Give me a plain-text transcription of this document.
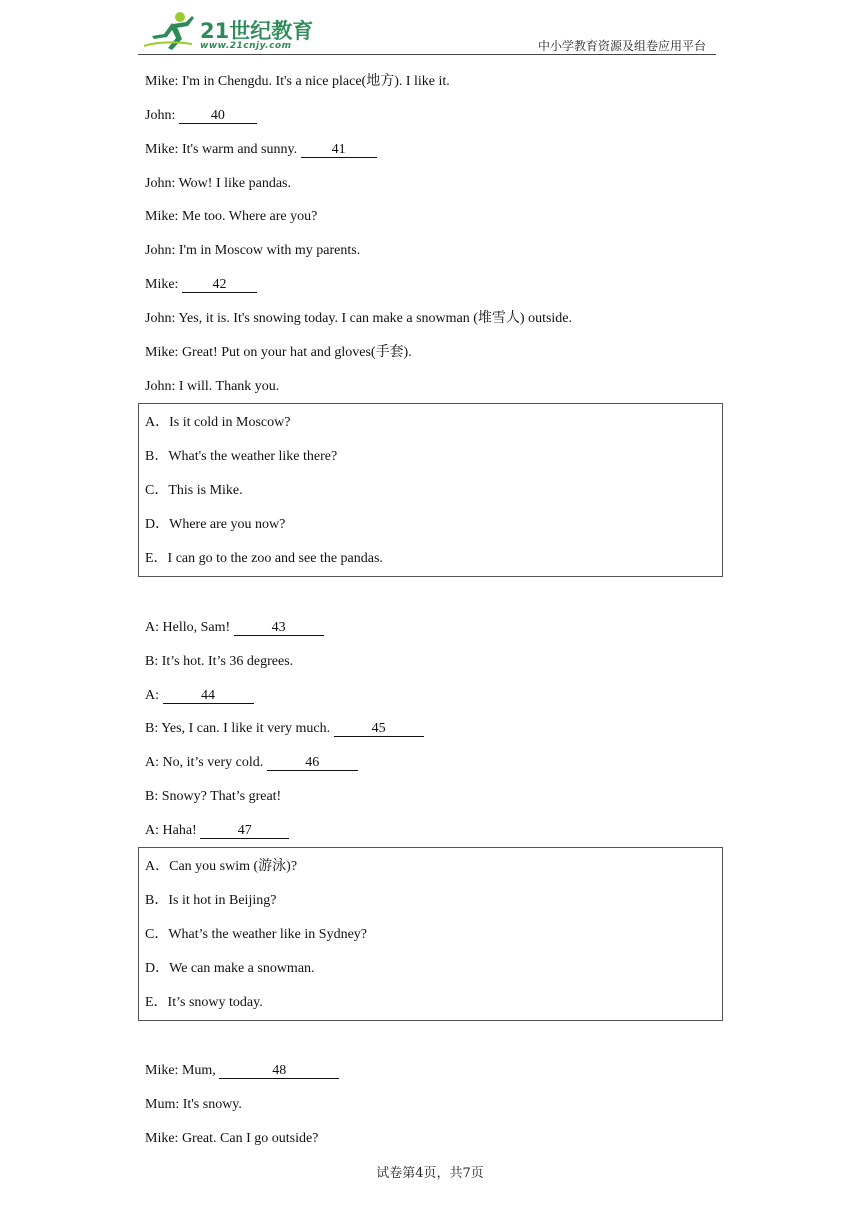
21世纪教育
www.21cnjy.com	中小学教育资源及组卷应用平台
Mike: I'm in Chengdu. It's a nice place(地方). I like it.
John: 40
Mike: It's warm and sunny. 41
John: Wow! I like pandas.
Mike: Me too. Where are you?
John: I'm in Moscow with my parents.
Mike: 42
John: Yes, it is. It's snowing today. I can make a snowman (堆雪人) outside.
Mike: Great! Put on your hat and gloves(手套).
John: I will. Thank you.
A．Is it cold in Moscow?
B．What's the weather like there?
C．This is Mike.
D．Where are you now?
E．I can go to the zoo and see the pandas.
A: Hello, Sam!	43
B: It’s hot. It’s 36 degrees.
A:	44
B: Yes, I can. I like it very much.	45
A: No, it’s very cold.	46
B: Snowy? That’s great!
A: Haha!	47
A．Can you swim (游泳)?
B．Is it hot in Beijing?
C．What’s the weather like in Sydney?
D．We can make a snowman.
E．It’s snowy today.
Mike: Mum,	48
Mum: It's snowy.
Mike: Great. Can I go outside?
试卷第4页，共7页
